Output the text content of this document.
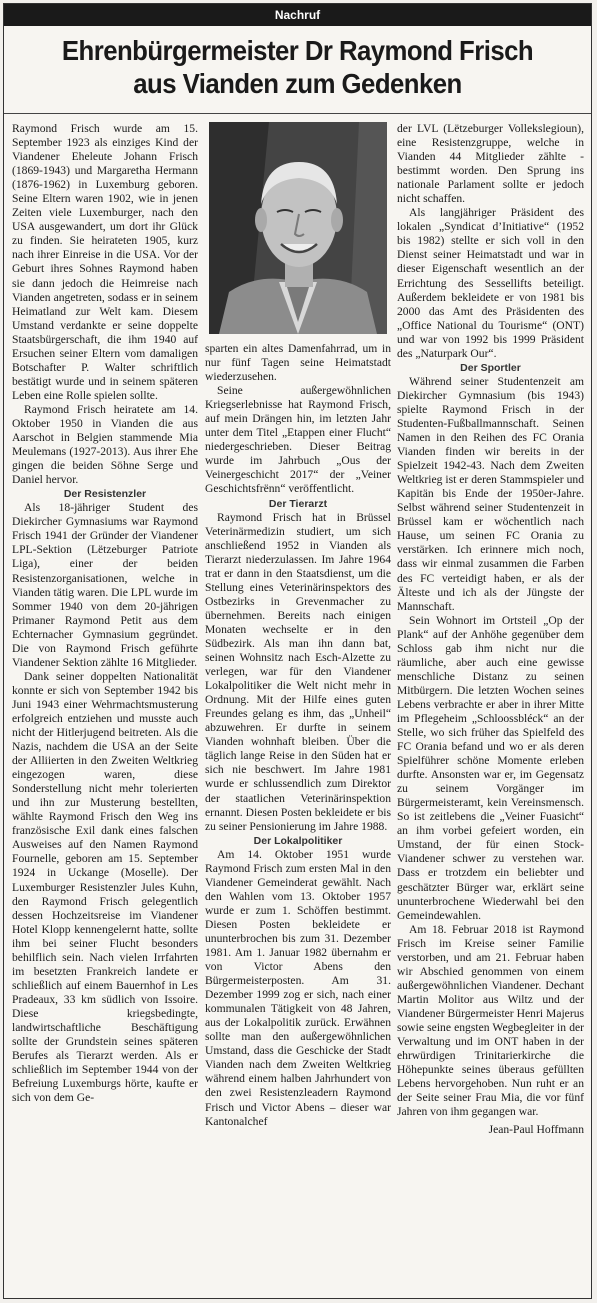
Nachruf
Ehrenbürgermeister Dr Raymond Frisch
aus Vianden zum Gedenken

Raymond Frisch wurde am 15. September 1923 als einziges Kind der Viandener Eheleute Johann Frisch (1869-1943) und Margaretha Hermann (1876-1962) in Luxemburg geboren. Seine Eltern waren 1902, wie in jenen Zeiten viele Luxemburger, nach den USA ausgewandert, um dort ihr Glück zu finden. Sie heirateten 1905, kurz nach ihrer Einreise in die USA. Vor der Geburt ihres Sohnes Raymond haben sie dann jedoch die Heimreise nach Vianden angetreten, sodass er in seinem Heimatland zur Welt kam. Diesem Umstand verdankte er seine doppelte Staatsbürgerschaft, die ihm 1940 auf Ersuchen seiner Eltern vom damaligen Botschafter P. Walter schriftlich bestätigt wurde und in seinem späteren Leben eine Rolle spielen sollte.

Raymond Frisch heiratete am 14. Oktober 1950 in Vianden die aus Aarschot in Belgien stammende Mia Meulemans (1927-2013). Aus ihrer Ehe gingen die beiden Söhne Serge und Daniel hervor.

Der Resistenzler

Als 18-jähriger Student des Diekircher Gymnasiums war Raymond Frisch 1941 der Gründer der Viandener LPL-Sektion (Lëtzeburger Patriote Liga), einer der beiden Resistenzorganisationen, welche in Vianden tätig waren. Die LPL wurde im Sommer 1940 von dem 20-jährigen Primaner Raymond Petit aus dem Echternacher Gymnasium gegründet. Die von Raymond Frisch geführte Viandener Sektion zählte 16 Mitglieder.

Dank seiner doppelten Nationalität konnte er sich von September 1942 bis Juni 1943 einer Wehrmachtsmusterung erfolgreich entziehen und musste auch nicht der Hitlerjugend beitreten. Als die Nazis, nachdem die USA an der Seite der Alliierten in den Zweiten Weltkrieg eingezogen waren, diese Sonderstellung nicht mehr tolerierten und ihn zur Musterung bestellten, wählte Raymond Frisch den Weg ins französische Exil dank eines falschen Ausweises auf den Namen Raymond Fournelle, geboren am 15. September 1924 in Uckange (Moselle). Der Luxemburger Resistenzler Jules Kuhn, den Raymond Frisch gelegentlich dessen Hochzeitsreise im Viandener Hotel Klopp kennengelernt hatte, sollte ihm bei seiner Flucht besonders behilflich sein. Nach vielen Irrfahrten im besetzten Frankreich landete er schließlich auf einem Bauernhof in Les Pradeaux, 33 km südlich von Issoire. Diese kriegsbedingte, landwirtschaftliche Beschäftigung sollte der Grundstein seines späteren Berufes als Tierarzt werden. Als er schließlich im September 1944 von der Befreiung Luxemburgs hörte, kaufte er sich von dem Ge-

sparten ein altes Damenfahrrad, um in nur fünf Tagen seine Heimatstadt wiederzusehen.

Seine außergewöhnlichen Kriegserlebnisse hat Raymond Frisch, auf mein Drängen hin, im letzten Jahr unter dem Titel „Etappen einer Flucht“ niedergeschrieben. Dieser Beitrag wurde im Jahrbuch „Ous der Veinergeschicht 2017“ der „Veiner Geschichtsfrënn“ veröffentlicht.

Der Tierarzt

Raymond Frisch hat in Brüssel Veterinärmedizin studiert, um sich anschließend 1952 in Vianden als Tierarzt niederzulassen. Im Jahre 1964 trat er dann in den Staatsdienst, um die Stellung eines Veterinärinspektors des Ostbezirks in Grevenmacher zu übernehmen. Bereits nach einigen Monaten wechselte er in den Südbezirk. Als man ihn dann bat, seinen Wohnsitz nach Esch-Alzette zu verlegen, war für den Viandener Lokalpolitiker die Welt nicht mehr in Ordnung. Mit der Hilfe eines guten Freundes gelang es ihm, das „Unheil“ abzuwehren. Er durfte in seinem Vianden wohnhaft bleiben. Über die täglich lange Reise in den Süden hat er sich nie beschwert. Im Jahre 1981 wurde er schlussendlich zum Direktor der staatlichen Veterinärinspektion ernannt. Diesen Posten bekleidete er bis zu seiner Pensionierung im Jahre 1988.

Der Lokalpolitiker

Am 14. Oktober 1951 wurde Raymond Frisch zum ersten Mal in den Viandener Gemeinderat gewählt. Nach den Wahlen vom 13. Oktober 1957 wurde er zum 1. Schöffen bestimmt. Diesen Posten bekleidete er ununterbrochen bis zum 31. Dezember 1981. Am 1. Januar 1982 übernahm er von Victor Abens den Bürgermeisterposten. Am 31. Dezember 1999 zog er sich, nach einer kommunalen Tätigkeit von 48 Jahren, aus der Lokalpolitik zurück. Erwähnen sollte man den außergewöhnlichen Umstand, dass die Geschicke der Stadt Vianden nach dem Zweiten Weltkrieg während einem halben Jahrhundert von den zwei Resistenzleadern Raymond Frisch und Victor Abens – dieser war Kantonalchef

der LVL (Lëtzeburger Vollekslegioun), eine Resistenzgruppe, welche in Vianden 44 Mitglieder zählte - bestimmt worden. Den Sprung ins nationale Parlament sollte er jedoch nicht schaffen.

Als langjähriger Präsident des lokalen „Syndicat d’Initiative“ (1952 bis 1982) stellte er sich voll in den Dienst seiner Heimatstadt und war in dieser Eigenschaft wesentlich an der Errichtung des Sessellifts beteiligt. Außerdem bekleidete er von 1981 bis 2000 das Amt des Präsidenten des „Office National du Tourisme“ (ONT) und war von 1992 bis 1999 Präsident des „Naturpark Our“.

Der Sportler

Während seiner Studentenzeit am Diekircher Gymnasium (bis 1943) spielte Raymond Frisch in der Studenten-Fußballmannschaft. Seinen Namen in den Reihen des FC Orania Vianden finden wir bereits in der Spielzeit 1942-43. Nach dem Zweiten Weltkrieg ist er deren Stammspieler und Kapitän bis Ende der 1950er-Jahre. Selbst während seiner Studentenzeit in Brüssel kam er wöchentlich nach Hause, um seinen FC Orania zu verstärken. Ich erinnere mich noch, dass wir einmal zusammen die Farben des FC verteidigt haben, er als der Älteste und ich als der Jüngste der Mannschaft.

Sein Wohnort im Ortsteil „Op der Plank“ auf der Anhöhe gegenüber dem Schloss gab ihm nicht nur die räumliche, aber auch eine gewisse menschliche Distanz zu seinen Mitbürgern. Die letzten Wochen seines Lebens verbrachte er aber in ihrer Mitte im Pflegeheim „Schloossbléck“ an der Stelle, wo sich früher das Spielfeld des FC Orania befand und wo er als deren Spielführer schöne Momente erleben durfte. Ansonsten war er, im Gegensatz zu seinem Vorgänger im Bürgermeisteramt, kein Vereinsmensch. So ist zeitlebens die „Veiner Fuasicht“ an ihm vorbei gefeiert worden, ein Umstand, der für einen Stock-Viandener schwer zu verstehen war. Dass er trotzdem ein beliebter und geschätzter Bürger war, erklärt seine ununterbrochene Wiederwahl bei den Gemeindewahlen.

Am 18. Februar 2018 ist Raymond Frisch im Kreise seiner Familie verstorben, und am 21. Februar haben wir Abschied genommen von einem außergewöhnlichen Viandener. Dechant Martin Molitor aus Wiltz und der Viandener Bürgermeister Henri Majerus sowie seine engsten Wegbegleiter in der Verwaltung und im ONT haben in der ehrwürdigen Trinitarierkirche die Höhepunkte seines überaus gefüllten Lebens hervorgehoben. Nun ruht er an der Seite seiner Frau Mia, die vor fünf Jahren von ihm gegangen war.

Jean-Paul Hoffmann
